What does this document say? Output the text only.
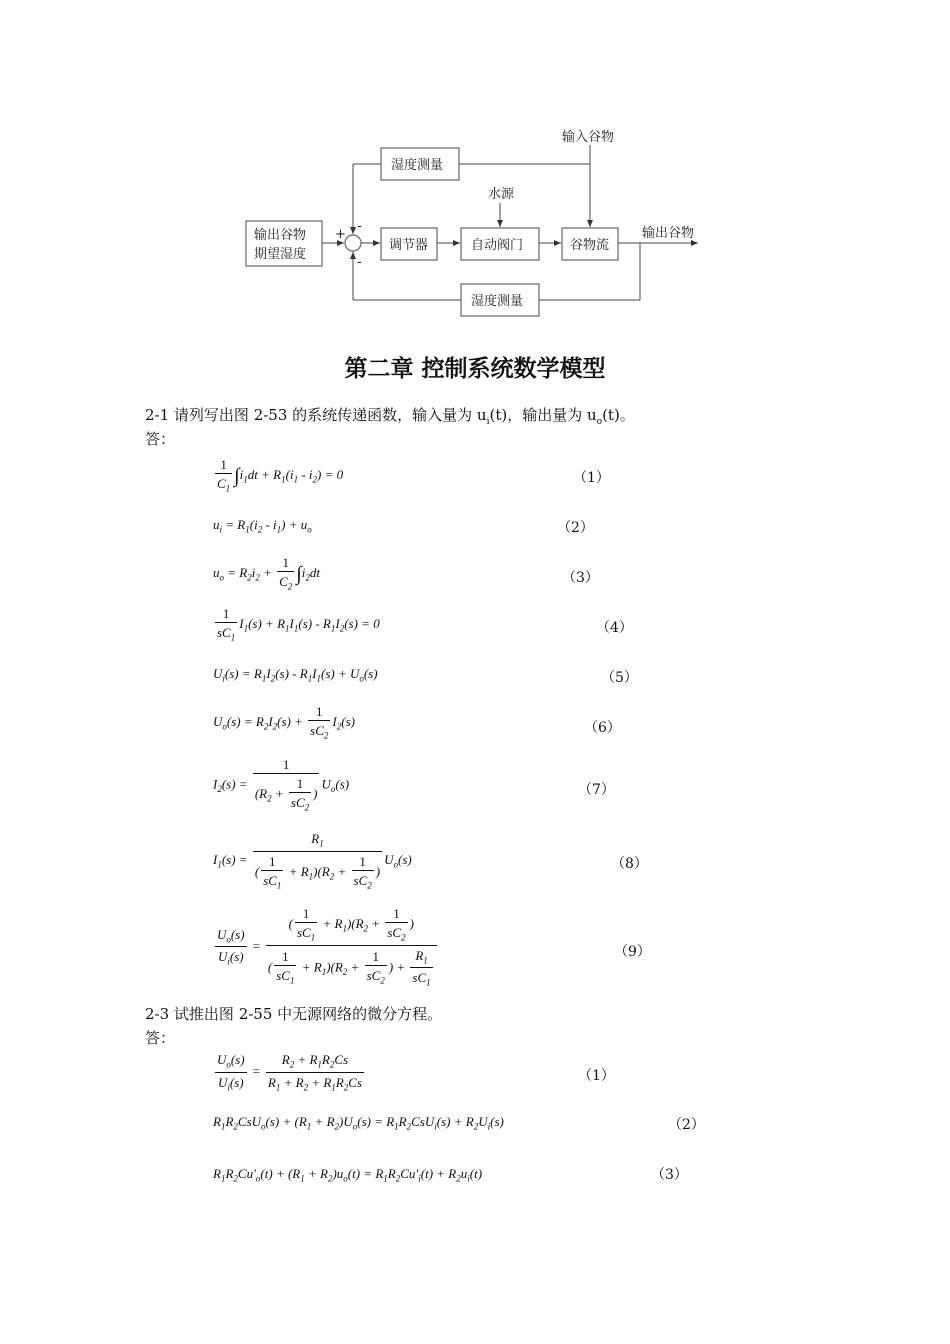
输出谷物
期望湿度
湿度测量
调节器	自动阀门	谷物流
湿度测量
输入谷物
水源
输出谷物
+
-
-
第二章 控制系统数学模型
2-1 请列写出图 2-53 的系统传递函数，输入量为 $u_i(t)$，输出量为 $u_o(t)$。
答：
$\frac{1}{C_1} \int i_1dt + R_1(i_1 - i_2) = 0$
$u_i = R_1(i_2 - i_1) + u_o$
$u_o = R_2i_2 + \frac{1}{C_2} \int i_2dt$
$\frac{1}{sC_1} I_1(s) + R_1I_1(s) - R_1I_2(s) = 0$
$U_i(s) = R_1I_2(s) - R_1I_1(s) + U_o(s)$
$U_o(s) = R_2I_2(s) + \frac{1}{sC_2} I_2(s)$
$I_2(s) = \frac{1}{(R_2 + \frac{1}{sC_2} )} U_o(s)$
$I_1(s) = \frac{R_1}{( \frac{1}{sC_1} + R_1)(R_2 + \frac{1}{sC_2} )} U_o(s)$
$\frac{U_o(s)}{U_i(s)} = \frac{( \frac{1}{sC_1} + R_1)(R_2 + \frac{1}{sC_2} )}{( \frac{1}{sC_1} + R_1)(R_2 + \frac{1}{sC_2} ) + \frac{R_1}{sC_1}}$
（1）
（2）
（3）
（4）
（5）
（6）
（7）
（8）
（9）
2-3 试推出图 2-55 中无源网络的微分方程。
答：
$\frac{U_o(s)}{U_i(s)} = \frac{R_2 + R_1R_2Cs}{R_1 + R_2 + R_1R_2Cs}$
$R_1R_2CsU_o(s) + (R_1 + R_2)U_o(s) = R_1R_2CsU_i(s) + R_2U_i(s)$
$R_1R_2Cu'_o(t) + (R_1 + R_2)u_o(t) = R_1R_2Cu'_i(t) + R_2u_i(t)$
（1）
（2）
（3）
